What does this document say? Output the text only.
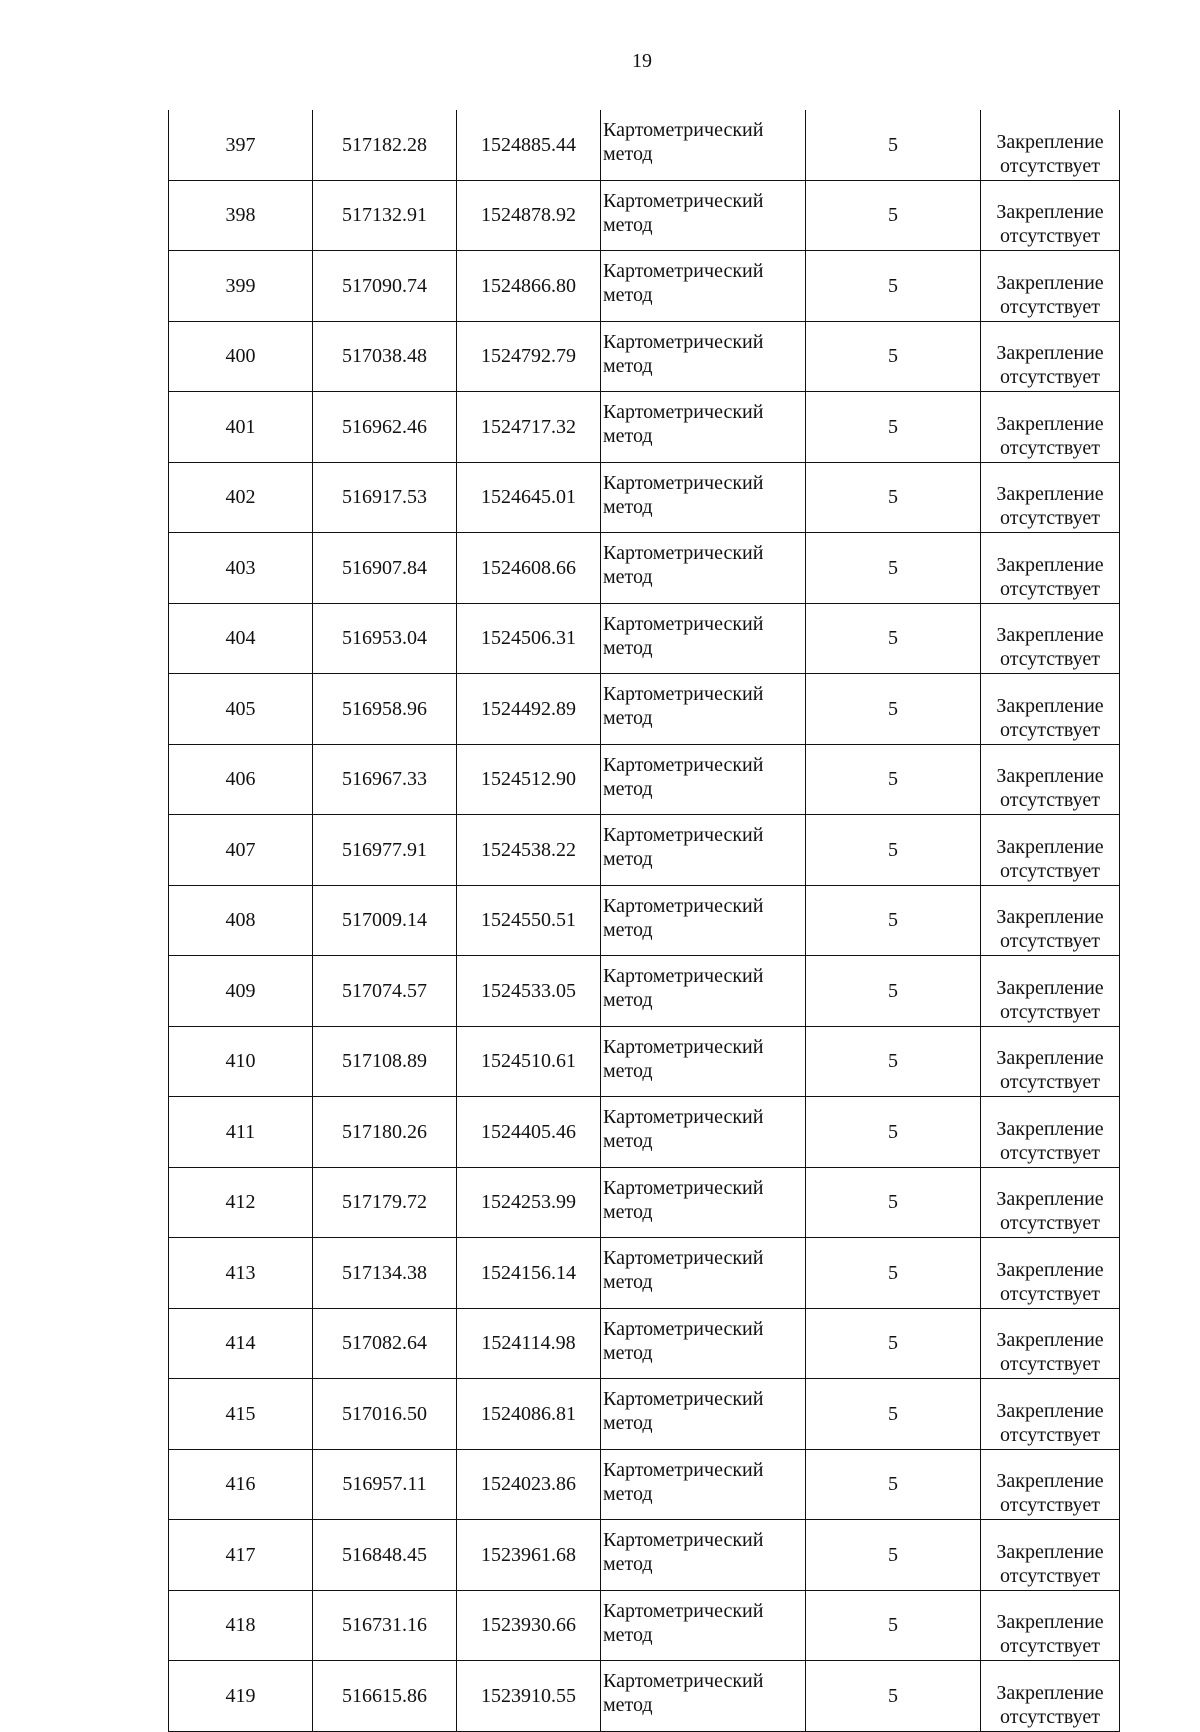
19
397	517182.28	1524885.44	Картометрический
метод	5	Закрепление
отсутствует

398	517132.91	1524878.92	Картометрический
метод	5	Закрепление
отсутствует

399	517090.74	1524866.80	Картометрический
метод	5	Закрепление
отсутствует

400	517038.48	1524792.79	Картометрический
метод	5	Закрепление
отсутствует

401	516962.46	1524717.32	Картометрический
метод	5	Закрепление
отсутствует

402	516917.53	1524645.01	Картометрический
метод	5	Закрепление
отсутствует

403	516907.84	1524608.66	Картометрический
метод	5	Закрепление
отсутствует

404	516953.04	1524506.31	Картометрический
метод	5	Закрепление
отсутствует

405	516958.96	1524492.89	Картометрический
метод	5	Закрепление
отсутствует

406	516967.33	1524512.90	Картометрический
метод	5	Закрепление
отсутствует

407	516977.91	1524538.22	Картометрический
метод	5	Закрепление
отсутствует

408	517009.14	1524550.51	Картометрический
метод	5	Закрепление
отсутствует

409	517074.57	1524533.05	Картометрический
метод	5	Закрепление
отсутствует

410	517108.89	1524510.61	Картометрический
метод	5	Закрепление
отсутствует

411	517180.26	1524405.46	Картометрический
метод	5	Закрепление
отсутствует

412	517179.72	1524253.99	Картометрический
метод	5	Закрепление
отсутствует

413	517134.38	1524156.14	Картометрический
метод	5	Закрепление
отсутствует

414	517082.64	1524114.98	Картометрический
метод	5	Закрепление
отсутствует

415	517016.50	1524086.81	Картометрический
метод	5	Закрепление
отсутствует

416	516957.11	1524023.86	Картометрический
метод	5	Закрепление
отсутствует

417	516848.45	1523961.68	Картометрический
метод	5	Закрепление
отсутствует

418	516731.16	1523930.66	Картометрический
метод	5	Закрепление
отсутствует

419	516615.86	1523910.55	Картометрический
метод	5	Закрепление
отсутствует
